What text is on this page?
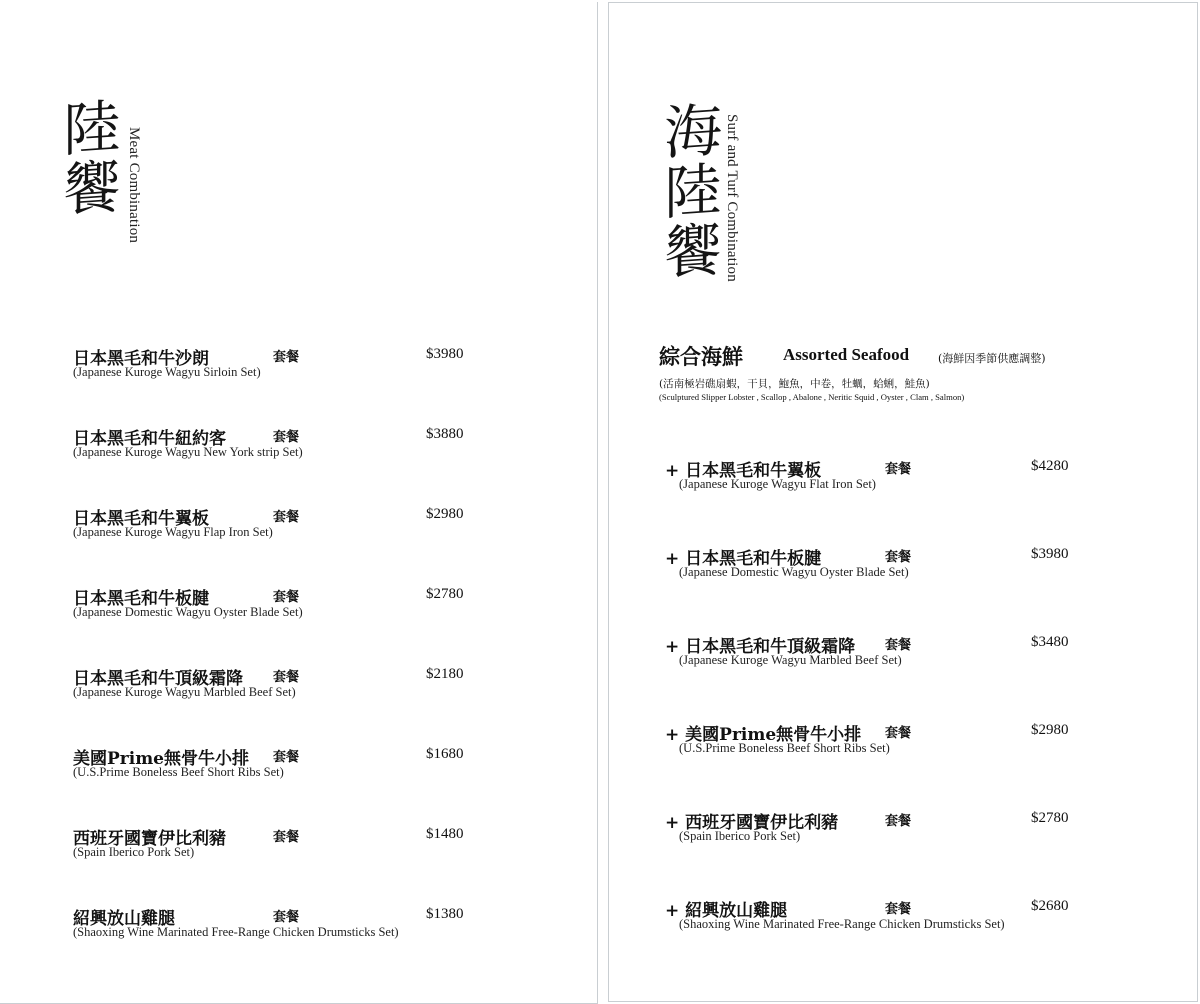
陸饗 Meat Combination
日本黑毛和牛沙朗	套餐	$3980
(Japanese Kuroge Wagyu Sirloin Set)
日本黑毛和牛紐約客	套餐	$3880
(Japanese Kuroge Wagyu New York strip Set)
日本黑毛和牛翼板	套餐	$2980
(Japanese Kuroge Wagyu Flap Iron Set)
日本黑毛和牛板腱	套餐	$2780
(Japanese Domestic Wagyu Oyster Blade Set)
日本黑毛和牛頂級霜降 套餐	$2180
(Japanese Kuroge Wagyu Marbled Beef Set)
美國Prime無骨牛小排 套餐	$1680
(U.S.Prime Boneless Beef Short Ribs Set)
西班牙國寶伊比利豬	套餐	$1480
(Spain Iberico Pork Set)
紹興放山雞腿	套餐	$1380
(Shaoxing Wine Marinated Free-Range Chicken Drumsticks Set)
海陸饗 Surf and Turf Combination
綜合海鮮 Assorted Seafood	(海鮮因季節供應調整)
(活南極岩礁扇蝦，干貝，鮑魚，中卷，牡蠣，蛤蜊，鮭魚)
(Sculptured Slipper Lobster , Scallop , Abalone , Neritic Squid , Oyster , Clam , Salmon)
+ 日本黑毛和牛翼板	套餐	$4280
(Japanese Kuroge Wagyu Flat Iron Set)
+ 日本黑毛和牛板腱	套餐	$3980
(Japanese Domestic Wagyu Oyster Blade Set)
+ 日本黑毛和牛頂級霜降 套餐	$3480
(Japanese Kuroge Wagyu Marbled Beef Set)
+ 美國Prime無骨牛小排 套餐	$2980
(U.S.Prime Boneless Beef Short Ribs Set)
+ 西班牙國寶伊比利豬	套餐	$2780
(Spain Iberico Pork Set)
+ 紹興放山雞腿	套餐	$2680
(Shaoxing Wine Marinated Free-Range Chicken Drumsticks Set)
